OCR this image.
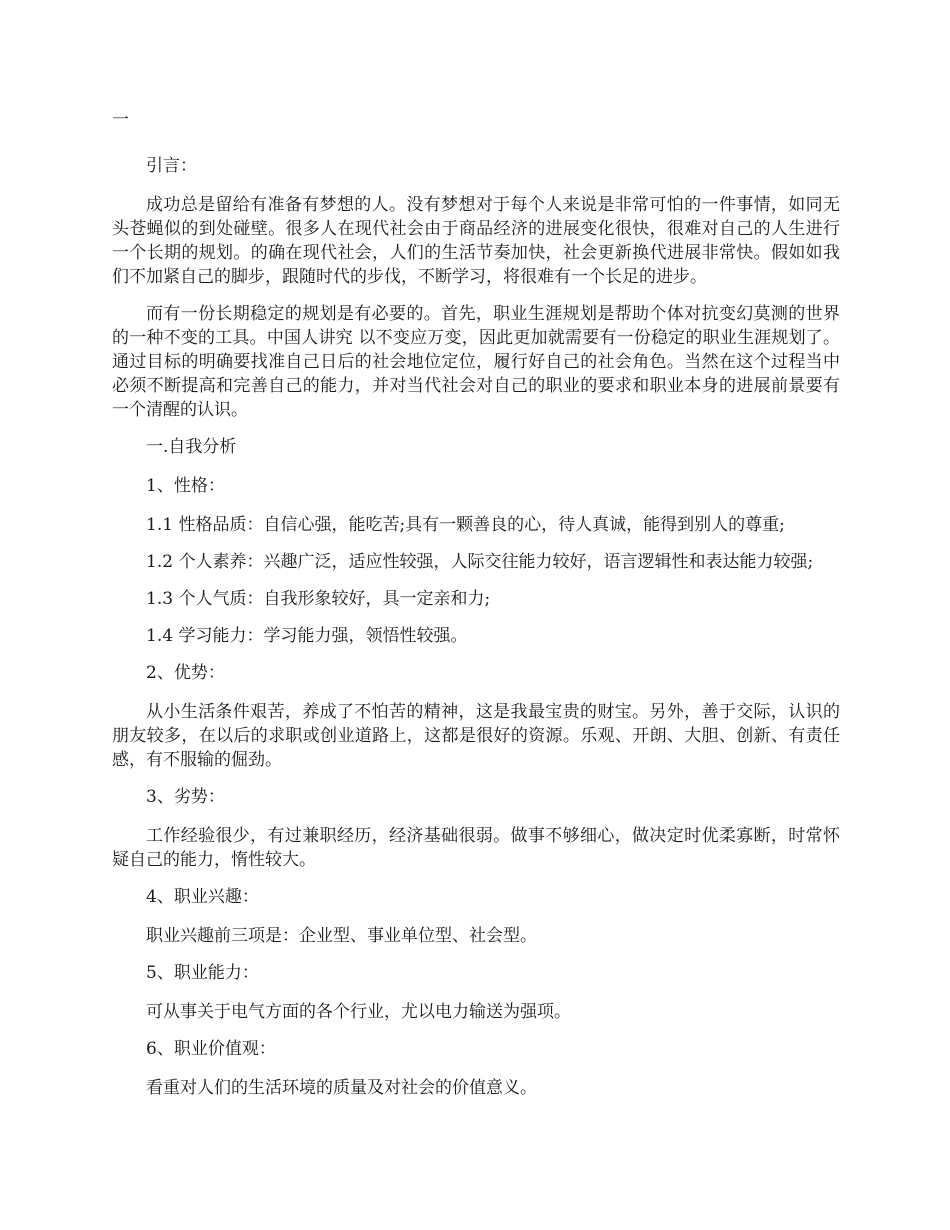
一

引言：

成功总是留给有准备有梦想的人。没有梦想对于每个人来说是非常可怕的一件事情，如同无头苍蝇似的到处碰壁。很多人在现代社会由于商品经济的进展变化很快，很难对自己的人生进行一个长期的规划。的确在现代社会，人们的生活节奏加快，社会更新换代进展非常快。假如如我们不加紧自己的脚步，跟随时代的步伐，不断学习，将很难有一个长足的进步。

而有一份长期稳定的规划是有必要的。首先，职业生涯规划是帮助个体对抗变幻莫测的世界的一种不变的工具。中国人讲究 以不变应万变，因此更加就需要有一份稳定的职业生涯规划了。通过目标的明确要找准自己日后的社会地位定位，履行好自己的社会角色。当然在这个过程当中必须不断提高和完善自己的能力，并对当代社会对自己的职业的要求和职业本身的进展前景要有一个清醒的认识。

一.自我分析

1、性格：

1.1 性格品质：自信心强，能吃苦;具有一颗善良的心，待人真诚，能得到别人的尊重;

1.2 个人素养：兴趣广泛，适应性较强，人际交往能力较好，语言逻辑性和表达能力较强;

1.3 个人气质：自我形象较好，具一定亲和力;

1.4 学习能力：学习能力强，领悟性较强。

2、优势：

从小生活条件艰苦，养成了不怕苦的精神，这是我最宝贵的财宝。另外，善于交际，认识的朋友较多，在以后的求职或创业道路上，这都是很好的资源。乐观、开朗、大胆、创新、有责任感，有不服输的倔劲。

3、劣势：

工作经验很少，有过兼职经历，经济基础很弱。做事不够细心，做决定时优柔寡断，时常怀疑自己的能力，惰性较大。

4、职业兴趣：

职业兴趣前三项是：企业型、事业单位型、社会型。

5、职业能力：

可从事关于电气方面的各个行业，尤以电力输送为强项。

6、职业价值观：

看重对人们的生活环境的质量及对社会的价值意义。
